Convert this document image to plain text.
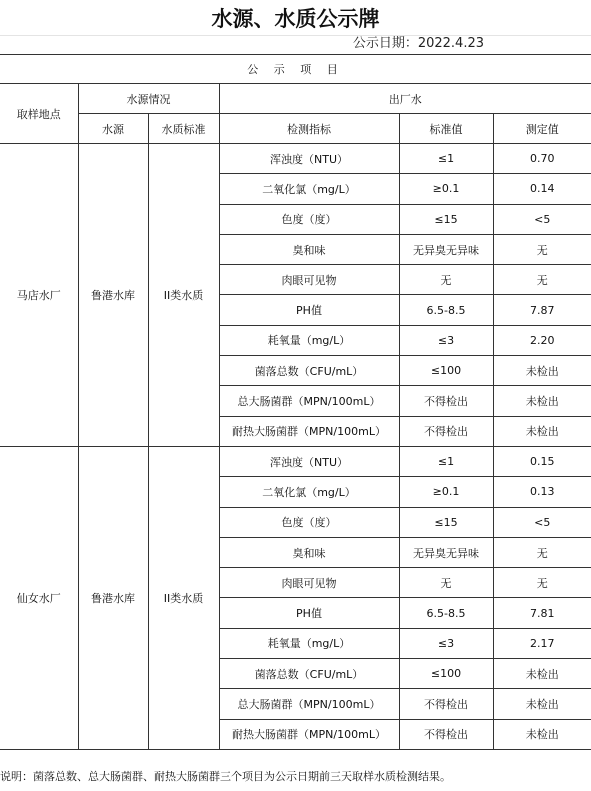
水源、水质公示牌
公示日期：2022.4.23
公 示 项 目					
取样地点	水源情况		出厂水		
	水源	水质标准	检测指标	标准值	测定值
马店水厂	鲁港水库	II类水质	浑浊度（NTU）	≤1	0.70
			二氧化氯（mg/L）	≥0.1	0.14
			色度（度）	≤15	<5
			臭和味	无异臭无异味	无
			肉眼可见物	无	无
			PH值	6.5-8.5	7.87
			耗氧量（mg/L）	≤3	2.20
			菌落总数（CFU/mL）	≤100	未检出
			总大肠菌群（MPN/100mL）	不得检出	未检出
			耐热大肠菌群（MPN/100mL）	不得检出	未检出
仙女水厂	鲁港水库	II类水质	浑浊度（NTU）	≤1	0.15
			二氧化氯（mg/L）	≥0.1	0.13
			色度（度）	≤15	<5
			臭和味	无异臭无异味	无
			肉眼可见物	无	无
			PH值	6.5-8.5	7.81
			耗氧量（mg/L）	≤3	2.17
			菌落总数（CFU/mL）	≤100	未检出
			总大肠菌群（MPN/100mL）	不得检出	未检出
			耐热大肠菌群（MPN/100mL）	不得检出	未检出
说明：菌落总数、总大肠菌群、耐热大肠菌群三个项目为公示日期前三天取样水质检测结果。
